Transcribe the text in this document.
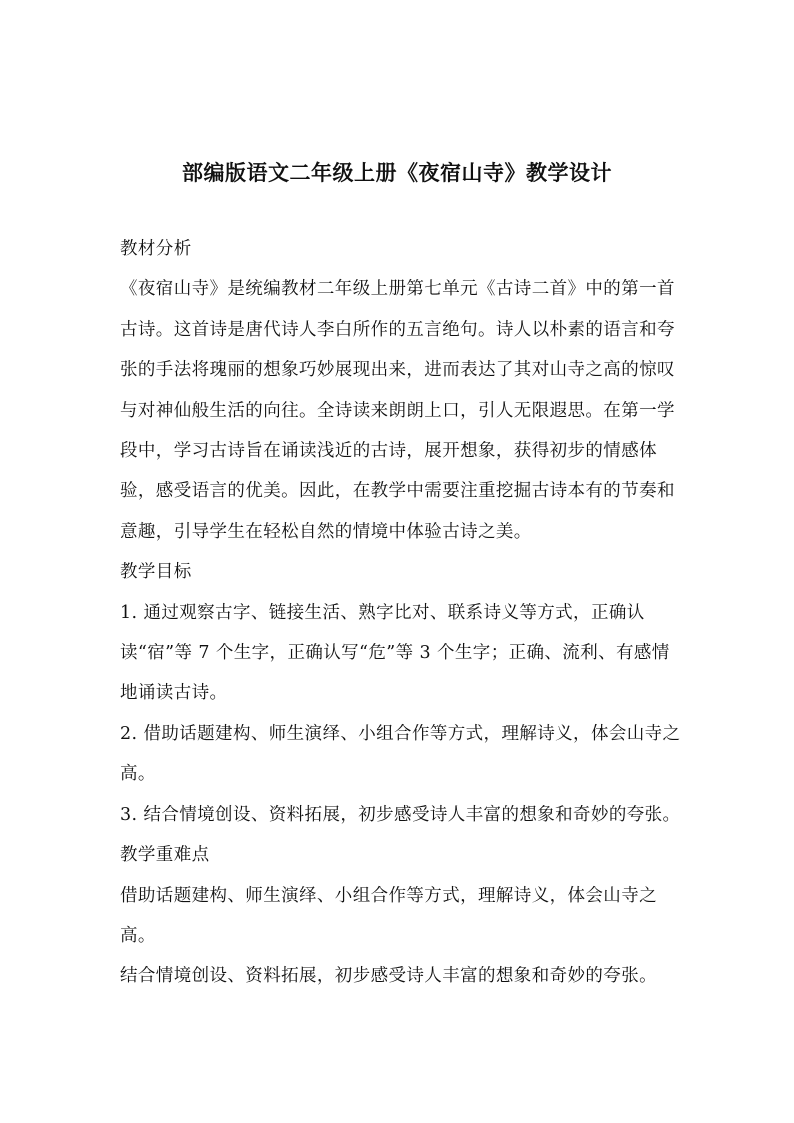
部编版语文二年级上册《夜宿山寺》教学设计

教材分析

《夜宿山寺》是统编教材二年级上册第七单元《古诗二首》中的第一首古诗。这首诗是唐代诗人李白所作的五言绝句。诗人以朴素的语言和夸张的手法将瑰丽的想象巧妙展现出来，进而表达了其对山寺之高的惊叹与对神仙般生活的向往。全诗读来朗朗上口，引人无限遐思。在第一学段中，学习古诗旨在诵读浅近的古诗，展开想象，获得初步的情感体验，感受语言的优美。因此，在教学中需要注重挖掘古诗本有的节奏和意趣，引导学生在轻松自然的情境中体验古诗之美。

教学目标

1. 通过观察古字、链接生活、熟字比对、联系诗义等方式，正确认读“宿”等 7 个生字，正确认写“危”等 3 个生字；正确、流利、有感情地诵读古诗。

2. 借助话题建构、师生演绎、小组合作等方式，理解诗义，体会山寺之高。

3. 结合情境创设、资料拓展，初步感受诗人丰富的想象和奇妙的夸张。

教学重难点

借助话题建构、师生演绎、小组合作等方式，理解诗义，体会山寺之高。

结合情境创设、资料拓展，初步感受诗人丰富的想象和奇妙的夸张。
